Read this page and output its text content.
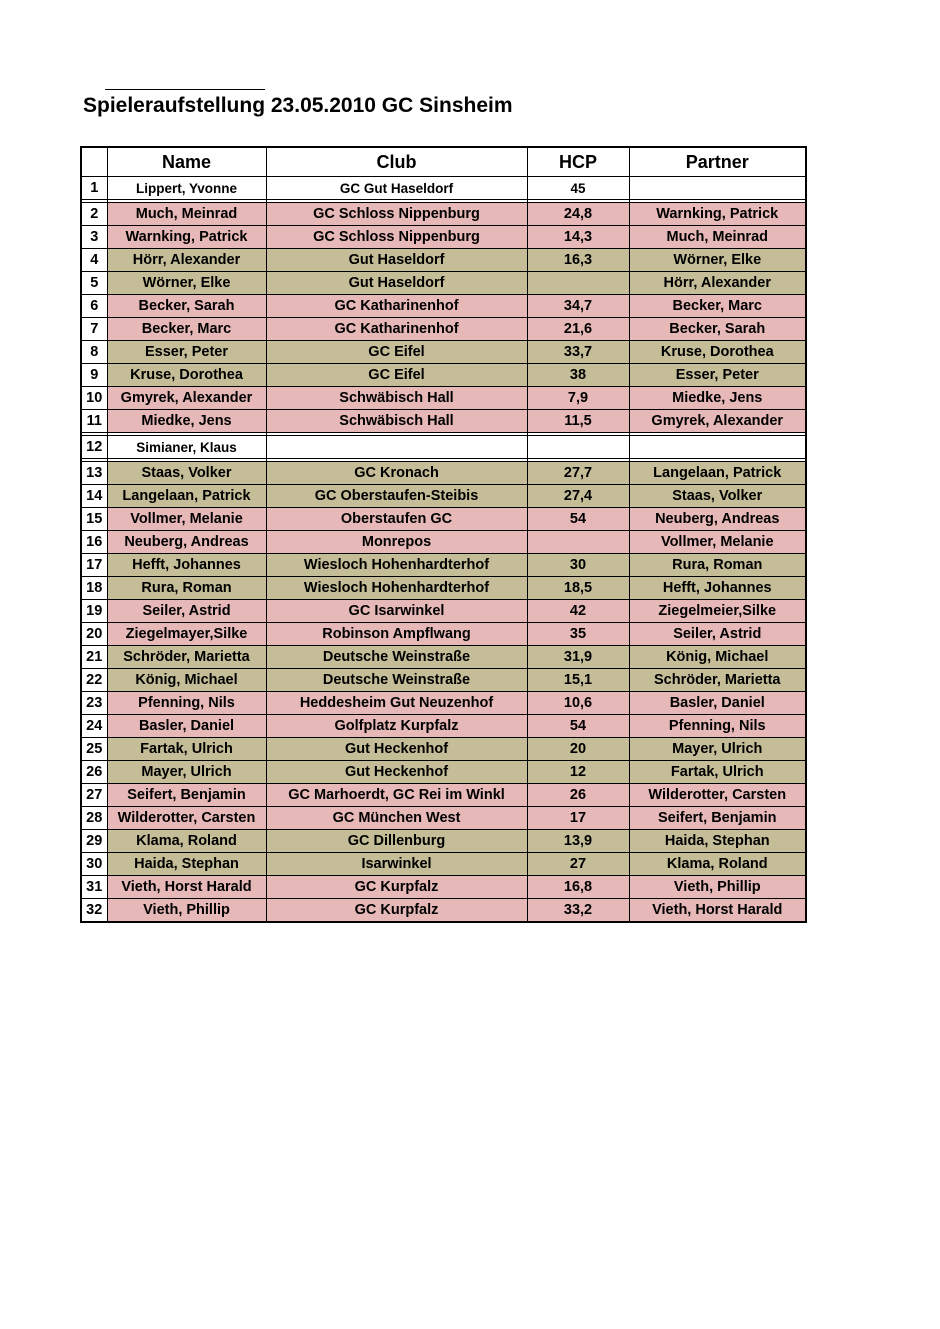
Spieleraufstellung 23.05.2010 GC Sinsheim
	Name	Club	HCP	Partner
1	Lippert, Yvonne	GC Gut Haseldorf	45	

2	Much, Meinrad	GC Schloss Nippenburg	24,8	Warnking, Patrick
3	Warnking, Patrick	GC Schloss Nippenburg	14,3	Much, Meinrad
4	Hörr, Alexander	Gut Haseldorf	16,3	Wörner, Elke
5	Wörner, Elke	Gut Haseldorf		Hörr, Alexander
6	Becker, Sarah	GC Katharinenhof	34,7	Becker, Marc
7	Becker, Marc	GC Katharinenhof	21,6	Becker, Sarah
8	Esser, Peter	GC Eifel	33,7	Kruse, Dorothea
9	Kruse, Dorothea	GC Eifel	38	Esser, Peter
10	Gmyrek, Alexander	Schwäbisch Hall	7,9	Miedke, Jens
11	Miedke, Jens	Schwäbisch Hall	11,5	Gmyrek, Alexander

12	Simianer, Klaus			

13	Staas, Volker	GC Kronach	27,7	Langelaan, Patrick
14	Langelaan, Patrick	GC Oberstaufen-Steibis	27,4	Staas, Volker
15	Vollmer, Melanie	Oberstaufen GC	54	Neuberg, Andreas
16	Neuberg, Andreas	Monrepos		Vollmer, Melanie
17	Hefft, Johannes	Wiesloch Hohenhardterhof	30	Rura, Roman
18	Rura, Roman	Wiesloch Hohenhardterhof	18,5	Hefft, Johannes
19	Seiler, Astrid	GC Isarwinkel	42	Ziegelmeier,Silke
20	Ziegelmayer,Silke	Robinson Ampflwang	35	Seiler, Astrid
21	Schröder, Marietta	Deutsche Weinstraße	31,9	König, Michael
22	König, Michael	Deutsche Weinstraße	15,1	Schröder, Marietta
23	Pfenning, Nils	Heddesheim Gut Neuzenhof	10,6	Basler, Daniel
24	Basler, Daniel	Golfplatz Kurpfalz	54	Pfenning, Nils
25	Fartak, Ulrich	Gut Heckenhof	20	Mayer, Ulrich
26	Mayer, Ulrich	Gut Heckenhof	12	Fartak, Ulrich
27	Seifert, Benjamin	GC Marhoerdt, GC Rei im Winkl	26	Wilderotter, Carsten
28	Wilderotter, Carsten	GC München West	17	Seifert, Benjamin
29	Klama, Roland	GC Dillenburg	13,9	Haida, Stephan
30	Haida, Stephan	Isarwinkel	27	Klama, Roland
31	Vieth, Horst Harald	GC Kurpfalz	16,8	Vieth, Phillip
32	Vieth, Phillip	GC Kurpfalz	33,2	Vieth, Horst Harald
